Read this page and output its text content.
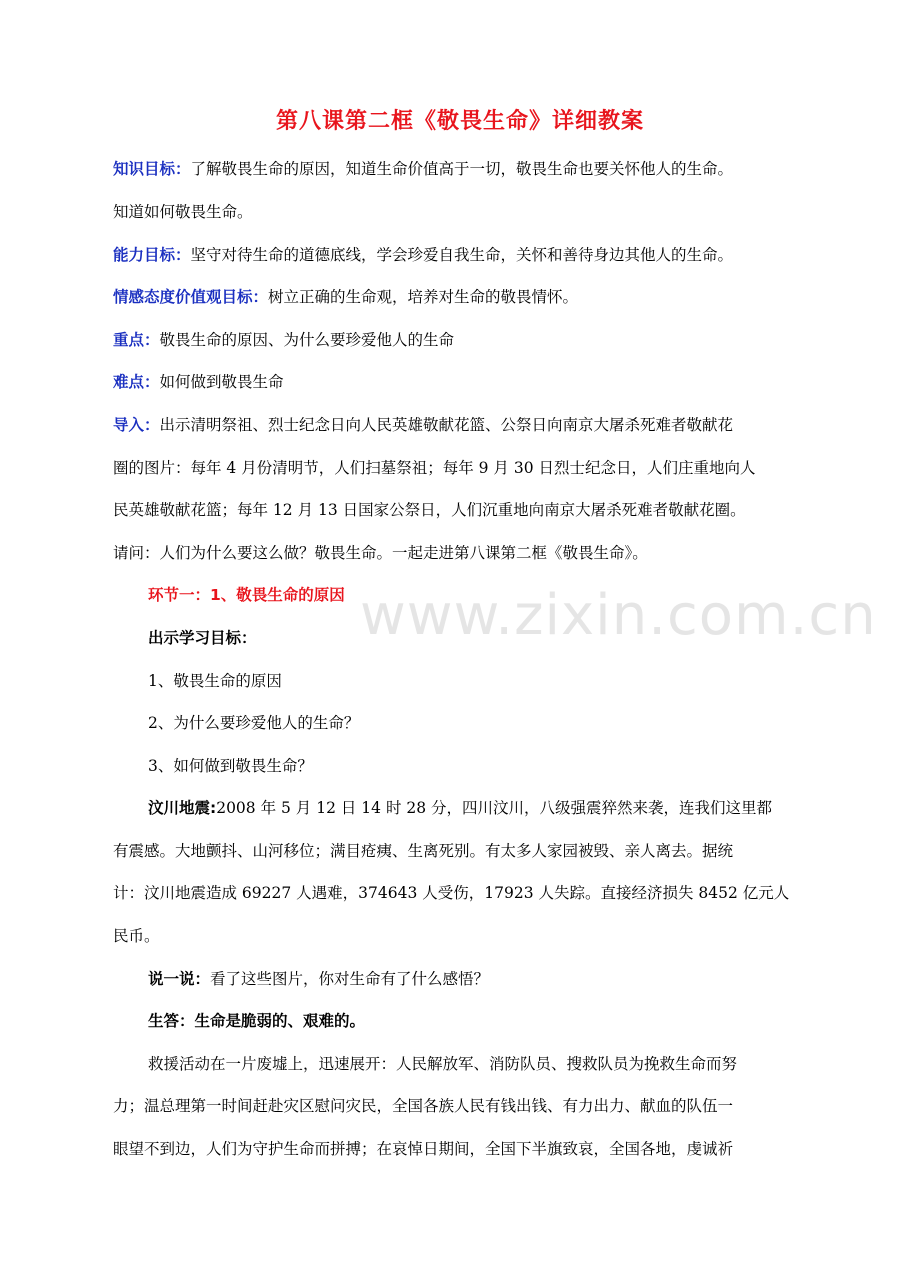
第八课第二框《敬畏生命》详细教案
知识目标：了解敬畏生命的原因，知道生命价值高于一切，敬畏生命也要关怀他人的生命。
知道如何敬畏生命。
能力目标：坚守对待生命的道德底线，学会珍爱自我生命，关怀和善待身边其他人的生命。
情感态度价值观目标：树立正确的生命观，培养对生命的敬畏情怀。
重点：敬畏生命的原因、为什么要珍爱他人的生命
难点：如何做到敬畏生命
导入：出示清明祭祖、烈士纪念日向人民英雄敬献花篮、公祭日向南京大屠杀死难者敬献花
圈的图片：每年 4 月份清明节，人们扫墓祭祖；每年 9 月 30 日烈士纪念日，人们庄重地向人
民英雄敬献花篮；每年 12 月 13 日国家公祭日，人们沉重地向南京大屠杀死难者敬献花圈。
请问：人们为什么要这么做？敬畏生命。一起走进第八课第二框《敬畏生命》。
环节一：1、敬畏生命的原因 www.zixin.com.cn
出示学习目标：
1、敬畏生命的原因
2、为什么要珍爱他人的生命？
3、如何做到敬畏生命？
汶川地震:2008 年 5 月 12 日 14 时 28 分，四川汶川，八级强震猝然来袭，连我们这里都
有震感。大地颤抖、山河移位；满目疮痍、生离死别。有太多人家园被毁、亲人离去。据统
计：汶川地震造成 69227 人遇难，374643 人受伤，17923 人失踪。直接经济损失 8452 亿元人
民币。
说一说：看了这些图片，你对生命有了什么感悟？
生答：生命是脆弱的、艰难的。
救援活动在一片废墟上，迅速展开：人民解放军、消防队员、搜救队员为挽救生命而努
力；温总理第一时间赶赴灾区慰问灾民，全国各族人民有钱出钱、有力出力、献血的队伍一
眼望不到边，人们为守护生命而拼搏；在哀悼日期间，全国下半旗致哀，全国各地，虔诚祈
